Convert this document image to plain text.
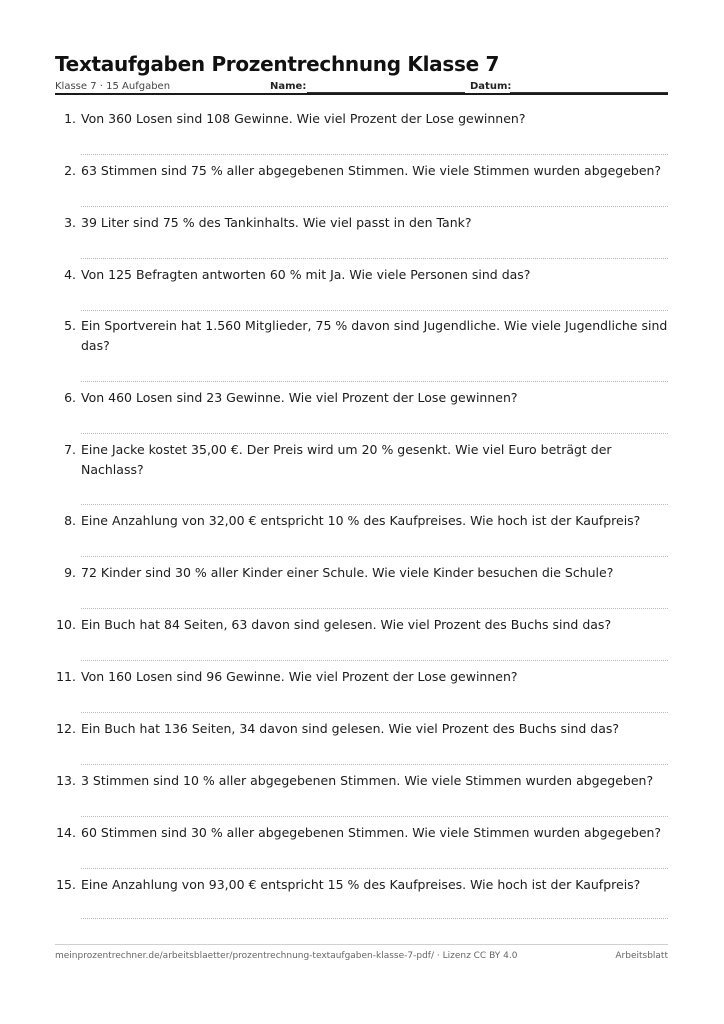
Textaufgaben Prozentrechnung Klasse 7
Klasse 7 · 15 Aufgaben	Name:	Datum:
1. Von 360 Losen sind 108 Gewinne. Wie viel Prozent der Lose gewinnen?
2. 63 Stimmen sind 75 % aller abgegebenen Stimmen. Wie viele Stimmen wurden abgegeben?
3. 39 Liter sind 75 % des Tankinhalts. Wie viel passt in den Tank?
4. Von 125 Befragten antworten 60 % mit Ja. Wie viele Personen sind das?
5. Ein Sportverein hat 1.560 Mitglieder, 75 % davon sind Jugendliche. Wie viele Jugendliche sind das?
6. Von 460 Losen sind 23 Gewinne. Wie viel Prozent der Lose gewinnen?
7. Eine Jacke kostet 35,00 €. Der Preis wird um 20 % gesenkt. Wie viel Euro beträgt der Nachlass?
8. Eine Anzahlung von 32,00 € entspricht 10 % des Kaufpreises. Wie hoch ist der Kaufpreis?
9. 72 Kinder sind 30 % aller Kinder einer Schule. Wie viele Kinder besuchen die Schule?
10. Ein Buch hat 84 Seiten, 63 davon sind gelesen. Wie viel Prozent des Buchs sind das?
11. Von 160 Losen sind 96 Gewinne. Wie viel Prozent der Lose gewinnen?
12. Ein Buch hat 136 Seiten, 34 davon sind gelesen. Wie viel Prozent des Buchs sind das?
13. 3 Stimmen sind 10 % aller abgegebenen Stimmen. Wie viele Stimmen wurden abgegeben?
14. 60 Stimmen sind 30 % aller abgegebenen Stimmen. Wie viele Stimmen wurden abgegeben?
15. Eine Anzahlung von 93,00 € entspricht 15 % des Kaufpreises. Wie hoch ist der Kaufpreis?
meinprozentrechner.de/arbeitsblaetter/prozentrechnung-textaufgaben-klasse-7-pdf/ · Lizenz CC BY 4.0	Arbeitsblatt
